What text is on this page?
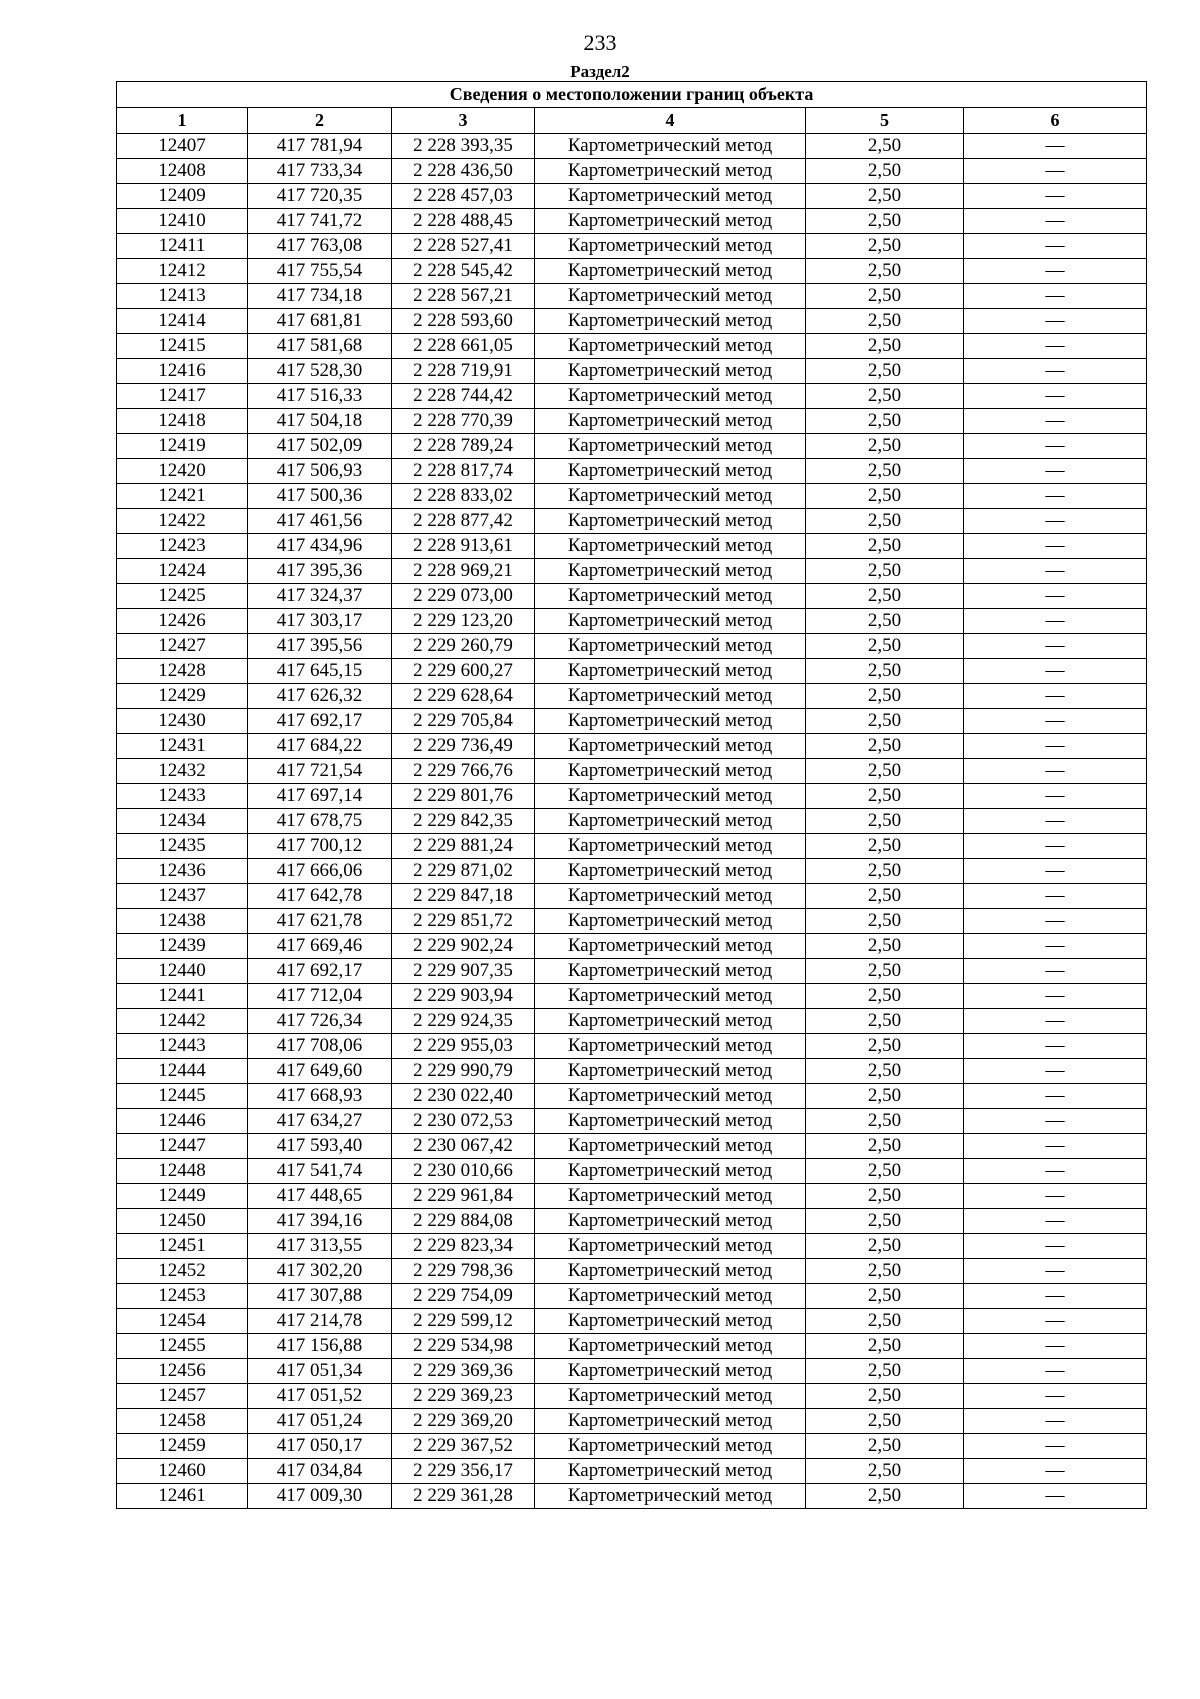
233
Раздел2
Сведения о местоположении границ объекта					
1	2	3	4	5	6
12407	417 781,94	2 228 393,35	Картометрический метод	2,50	—
12408	417 733,34	2 228 436,50	Картометрический метод	2,50	—
12409	417 720,35	2 228 457,03	Картометрический метод	2,50	—
12410	417 741,72	2 228 488,45	Картометрический метод	2,50	—
12411	417 763,08	2 228 527,41	Картометрический метод	2,50	—
12412	417 755,54	2 228 545,42	Картометрический метод	2,50	—
12413	417 734,18	2 228 567,21	Картометрический метод	2,50	—
12414	417 681,81	2 228 593,60	Картометрический метод	2,50	—
12415	417 581,68	2 228 661,05	Картометрический метод	2,50	—
12416	417 528,30	2 228 719,91	Картометрический метод	2,50	—
12417	417 516,33	2 228 744,42	Картометрический метод	2,50	—
12418	417 504,18	2 228 770,39	Картометрический метод	2,50	—
12419	417 502,09	2 228 789,24	Картометрический метод	2,50	—
12420	417 506,93	2 228 817,74	Картометрический метод	2,50	—
12421	417 500,36	2 228 833,02	Картометрический метод	2,50	—
12422	417 461,56	2 228 877,42	Картометрический метод	2,50	—
12423	417 434,96	2 228 913,61	Картометрический метод	2,50	—
12424	417 395,36	2 228 969,21	Картометрический метод	2,50	—
12425	417 324,37	2 229 073,00	Картометрический метод	2,50	—
12426	417 303,17	2 229 123,20	Картометрический метод	2,50	—
12427	417 395,56	2 229 260,79	Картометрический метод	2,50	—
12428	417 645,15	2 229 600,27	Картометрический метод	2,50	—
12429	417 626,32	2 229 628,64	Картометрический метод	2,50	—
12430	417 692,17	2 229 705,84	Картометрический метод	2,50	—
12431	417 684,22	2 229 736,49	Картометрический метод	2,50	—
12432	417 721,54	2 229 766,76	Картометрический метод	2,50	—
12433	417 697,14	2 229 801,76	Картометрический метод	2,50	—
12434	417 678,75	2 229 842,35	Картометрический метод	2,50	—
12435	417 700,12	2 229 881,24	Картометрический метод	2,50	—
12436	417 666,06	2 229 871,02	Картометрический метод	2,50	—
12437	417 642,78	2 229 847,18	Картометрический метод	2,50	—
12438	417 621,78	2 229 851,72	Картометрический метод	2,50	—
12439	417 669,46	2 229 902,24	Картометрический метод	2,50	—
12440	417 692,17	2 229 907,35	Картометрический метод	2,50	—
12441	417 712,04	2 229 903,94	Картометрический метод	2,50	—
12442	417 726,34	2 229 924,35	Картометрический метод	2,50	—
12443	417 708,06	2 229 955,03	Картометрический метод	2,50	—
12444	417 649,60	2 229 990,79	Картометрический метод	2,50	—
12445	417 668,93	2 230 022,40	Картометрический метод	2,50	—
12446	417 634,27	2 230 072,53	Картометрический метод	2,50	—
12447	417 593,40	2 230 067,42	Картометрический метод	2,50	—
12448	417 541,74	2 230 010,66	Картометрический метод	2,50	—
12449	417 448,65	2 229 961,84	Картометрический метод	2,50	—
12450	417 394,16	2 229 884,08	Картометрический метод	2,50	—
12451	417 313,55	2 229 823,34	Картометрический метод	2,50	—
12452	417 302,20	2 229 798,36	Картометрический метод	2,50	—
12453	417 307,88	2 229 754,09	Картометрический метод	2,50	—
12454	417 214,78	2 229 599,12	Картометрический метод	2,50	—
12455	417 156,88	2 229 534,98	Картометрический метод	2,50	—
12456	417 051,34	2 229 369,36	Картометрический метод	2,50	—
12457	417 051,52	2 229 369,23	Картометрический метод	2,50	—
12458	417 051,24	2 229 369,20	Картометрический метод	2,50	—
12459	417 050,17	2 229 367,52	Картометрический метод	2,50	—
12460	417 034,84	2 229 356,17	Картометрический метод	2,50	—
12461	417 009,30	2 229 361,28	Картометрический метод	2,50	—
